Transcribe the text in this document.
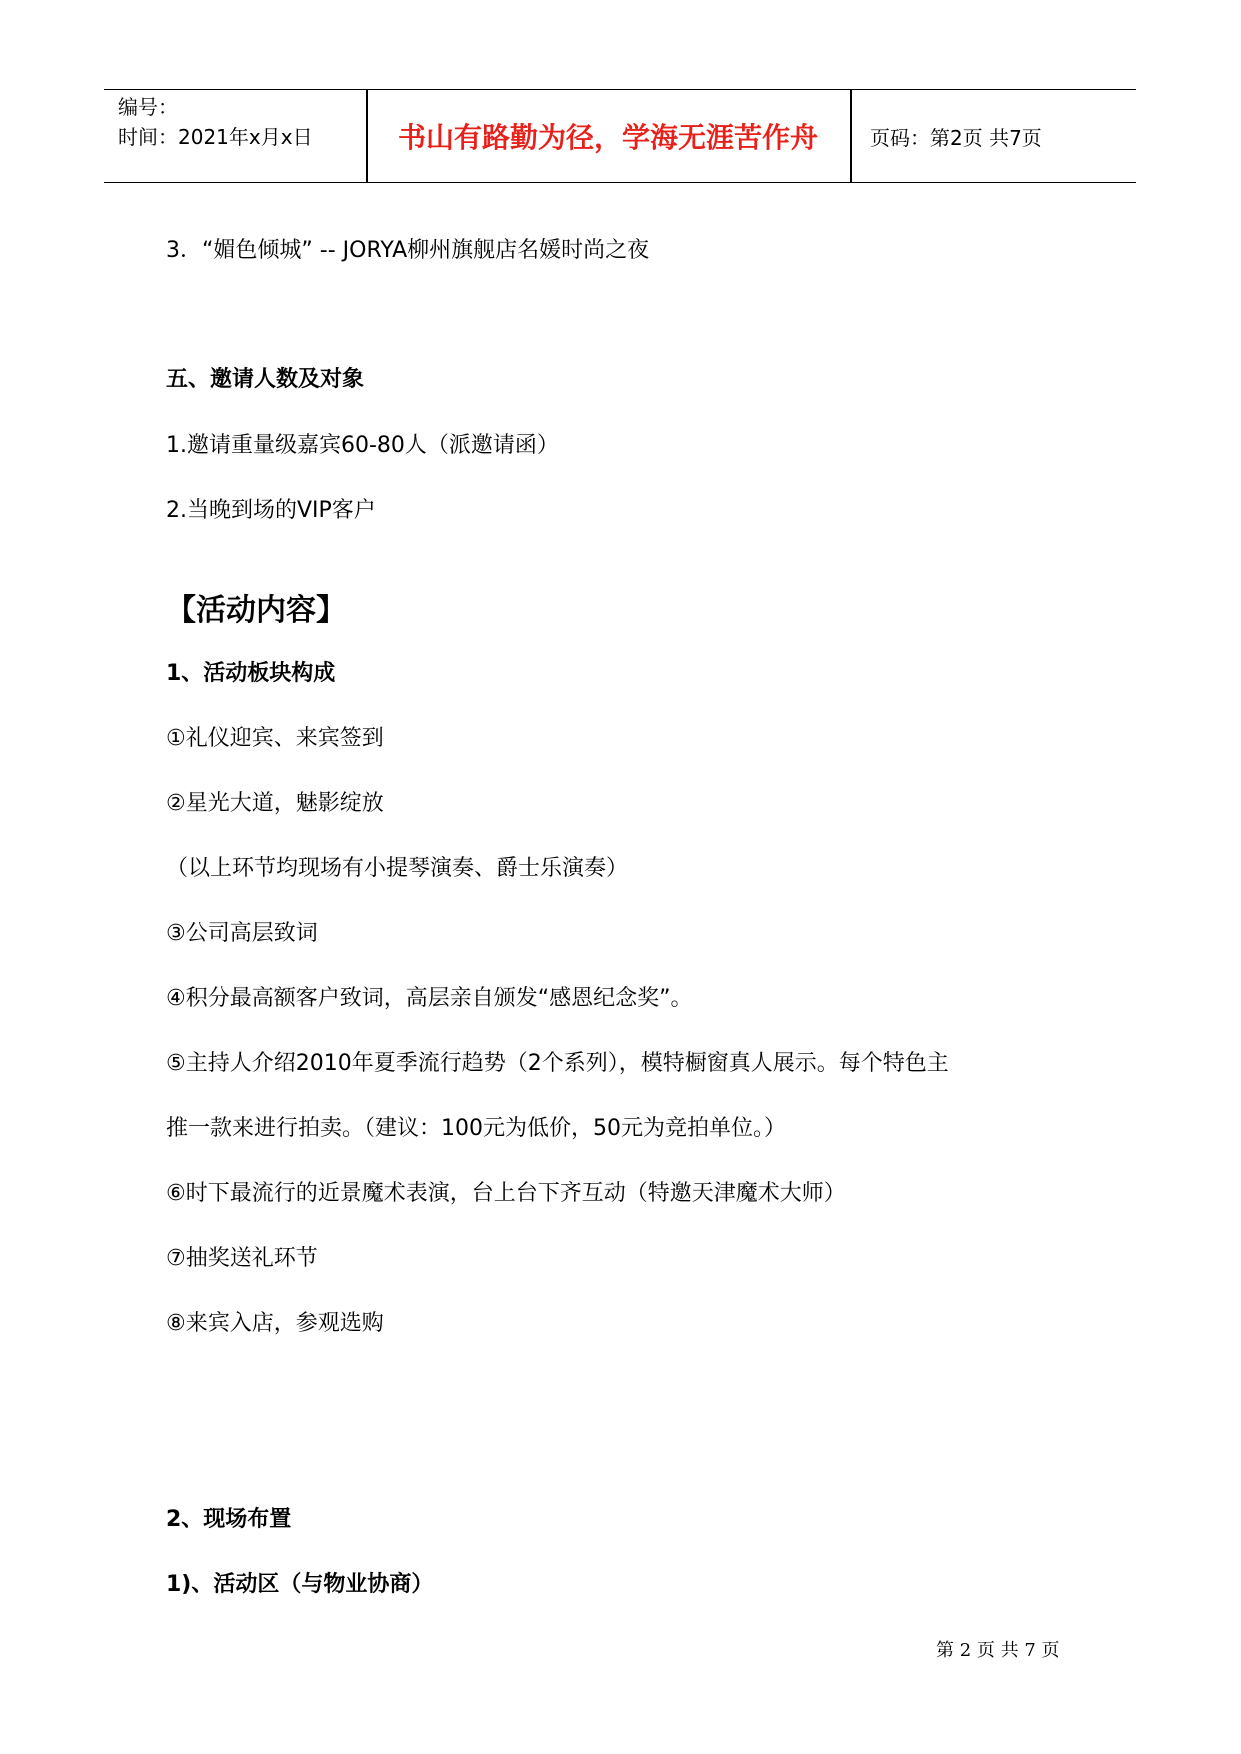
编号：
时间：2021年x月x日	书山有路勤为径，学海无涯苦作舟	页码：第2页 共7页
3．“媚色倾城” -- JORYA柳州旗舰店名媛时尚之夜
五、邀请人数及对象
1.邀请重量级嘉宾60-80人（派邀请函）
2.当晚到场的VIP客户
【活动内容】
1、活动板块构成
①礼仪迎宾、来宾签到
②星光大道，魅影绽放
（以上环节均现场有小提琴演奏、爵士乐演奏）
③公司高层致词
④积分最高额客户致词，高层亲自颁发“感恩纪念奖”。
⑤主持人介绍2010年夏季流行趋势（2个系列），模特橱窗真人展示。每个特色主
推一款来进行拍卖。（建议：100元为低价，50元为竞拍单位。）
⑥时下最流行的近景魔术表演，台上台下齐互动（特邀天津魔术大师）
⑦抽奖送礼环节
⑧来宾入店，参观选购
2、现场布置
1)、活动区（与物业协商）
第 2 页 共 7 页
